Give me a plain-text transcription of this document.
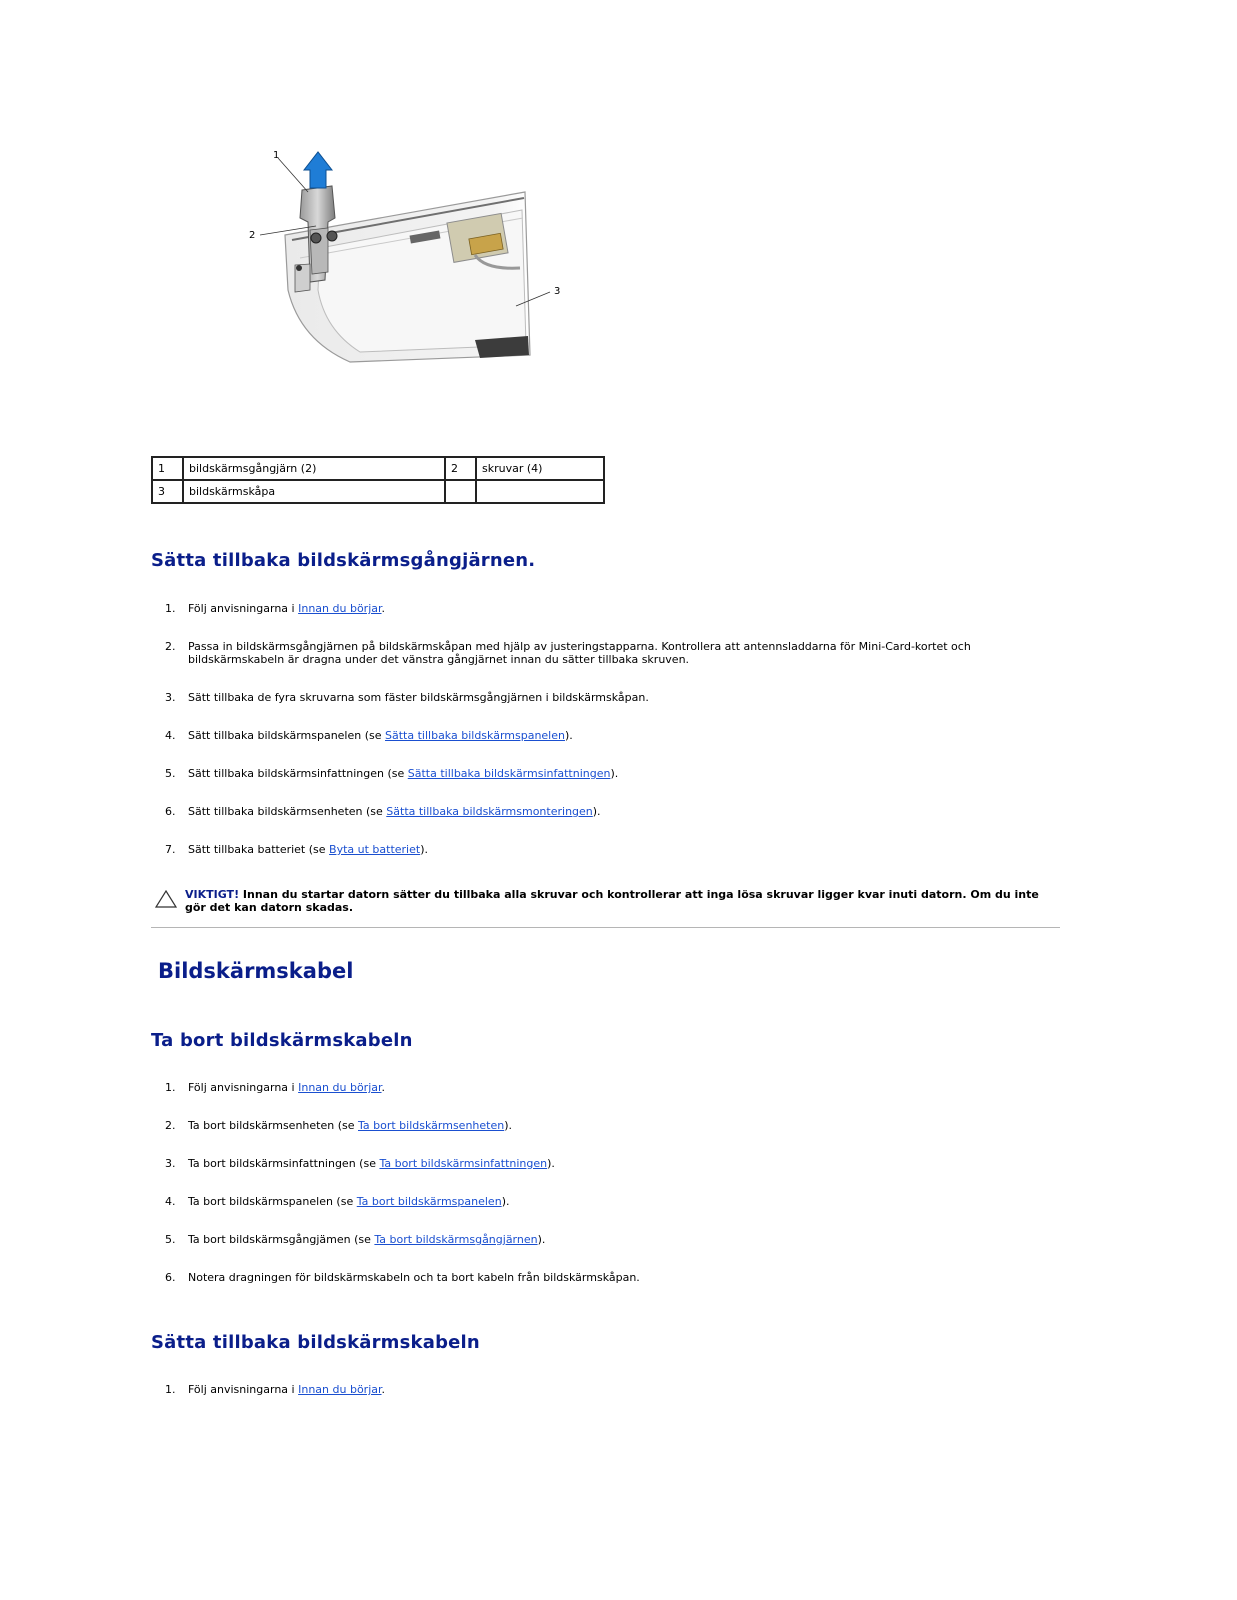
1
2
3
1	bildskärmsgångjärn (2)	2	skruvar (4)
3	bildskärmskåpa		
Sätta tillbaka bildskärmsgångjärnen.
1. Följ anvisningarna i Innan du börjar.
2. Passa in bildskärmsgångjärnen på bildskärmskåpan med hjälp av justeringstapparna. Kontrollera att antennsladdarna för Mini-Card-kortet och bildskärmskabeln är dragna under det vänstra gångjärnet innan du sätter tillbaka skruven.
3. Sätt tillbaka de fyra skruvarna som fäster bildskärmsgångjärnen i bildskärmskåpan.
4. Sätt tillbaka bildskärmspanelen (se Sätta tillbaka bildskärmspanelen).
5. Sätt tillbaka bildskärmsinfattningen (se Sätta tillbaka bildskärmsinfattningen).
6. Sätt tillbaka bildskärmsenheten (se Sätta tillbaka bildskärmsmonteringen).
7. Sätt tillbaka batteriet (se Byta ut batteriet).
VIKTIGT! Innan du startar datorn sätter du tillbaka alla skruvar och kontrollerar att inga lösa skruvar ligger kvar inuti datorn. Om du inte gör det kan datorn skadas.
Bildskärmskabel
Ta bort bildskärmskabeln
1. Följ anvisningarna i Innan du börjar.
2. Ta bort bildskärmsenheten (se Ta bort bildskärmsenheten).
3. Ta bort bildskärmsinfattningen (se Ta bort bildskärmsinfattningen).
4. Ta bort bildskärmspanelen (se Ta bort bildskärmspanelen).
5. Ta bort bildskärmsgångjämen (se Ta bort bildskärmsgångjärnen).
6. Notera dragningen för bildskärmskabeln och ta bort kabeln från bildskärmskåpan.
Sätta tillbaka bildskärmskabeln
1. Följ anvisningarna i Innan du börjar.
